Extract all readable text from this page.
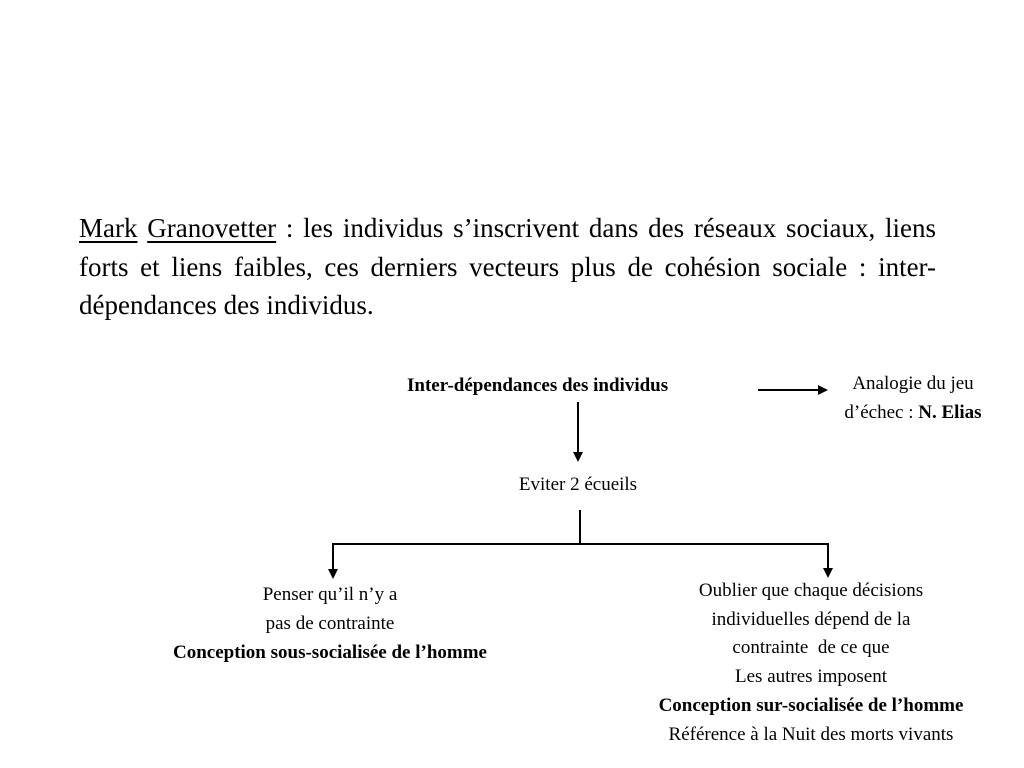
Mark Granovetter : les individus s’inscrivent dans des réseaux sociaux, liens forts et liens faibles, ces derniers vecteurs plus de cohésion sociale : inter-dépendances des individus.
Inter-dépendances des individus	Analogie du jeu
d’échec : N. Elias
Eviter 2 écueils
Penser qu’il n’y a
pas de contrainte
Conception sous-socialisée de l’homme
Oublier que chaque décisions
individuelles dépend de la
contrainte  de ce que
Les autres imposent
Conception sur-socialisée de l’homme
Référence à la Nuit des morts vivants
